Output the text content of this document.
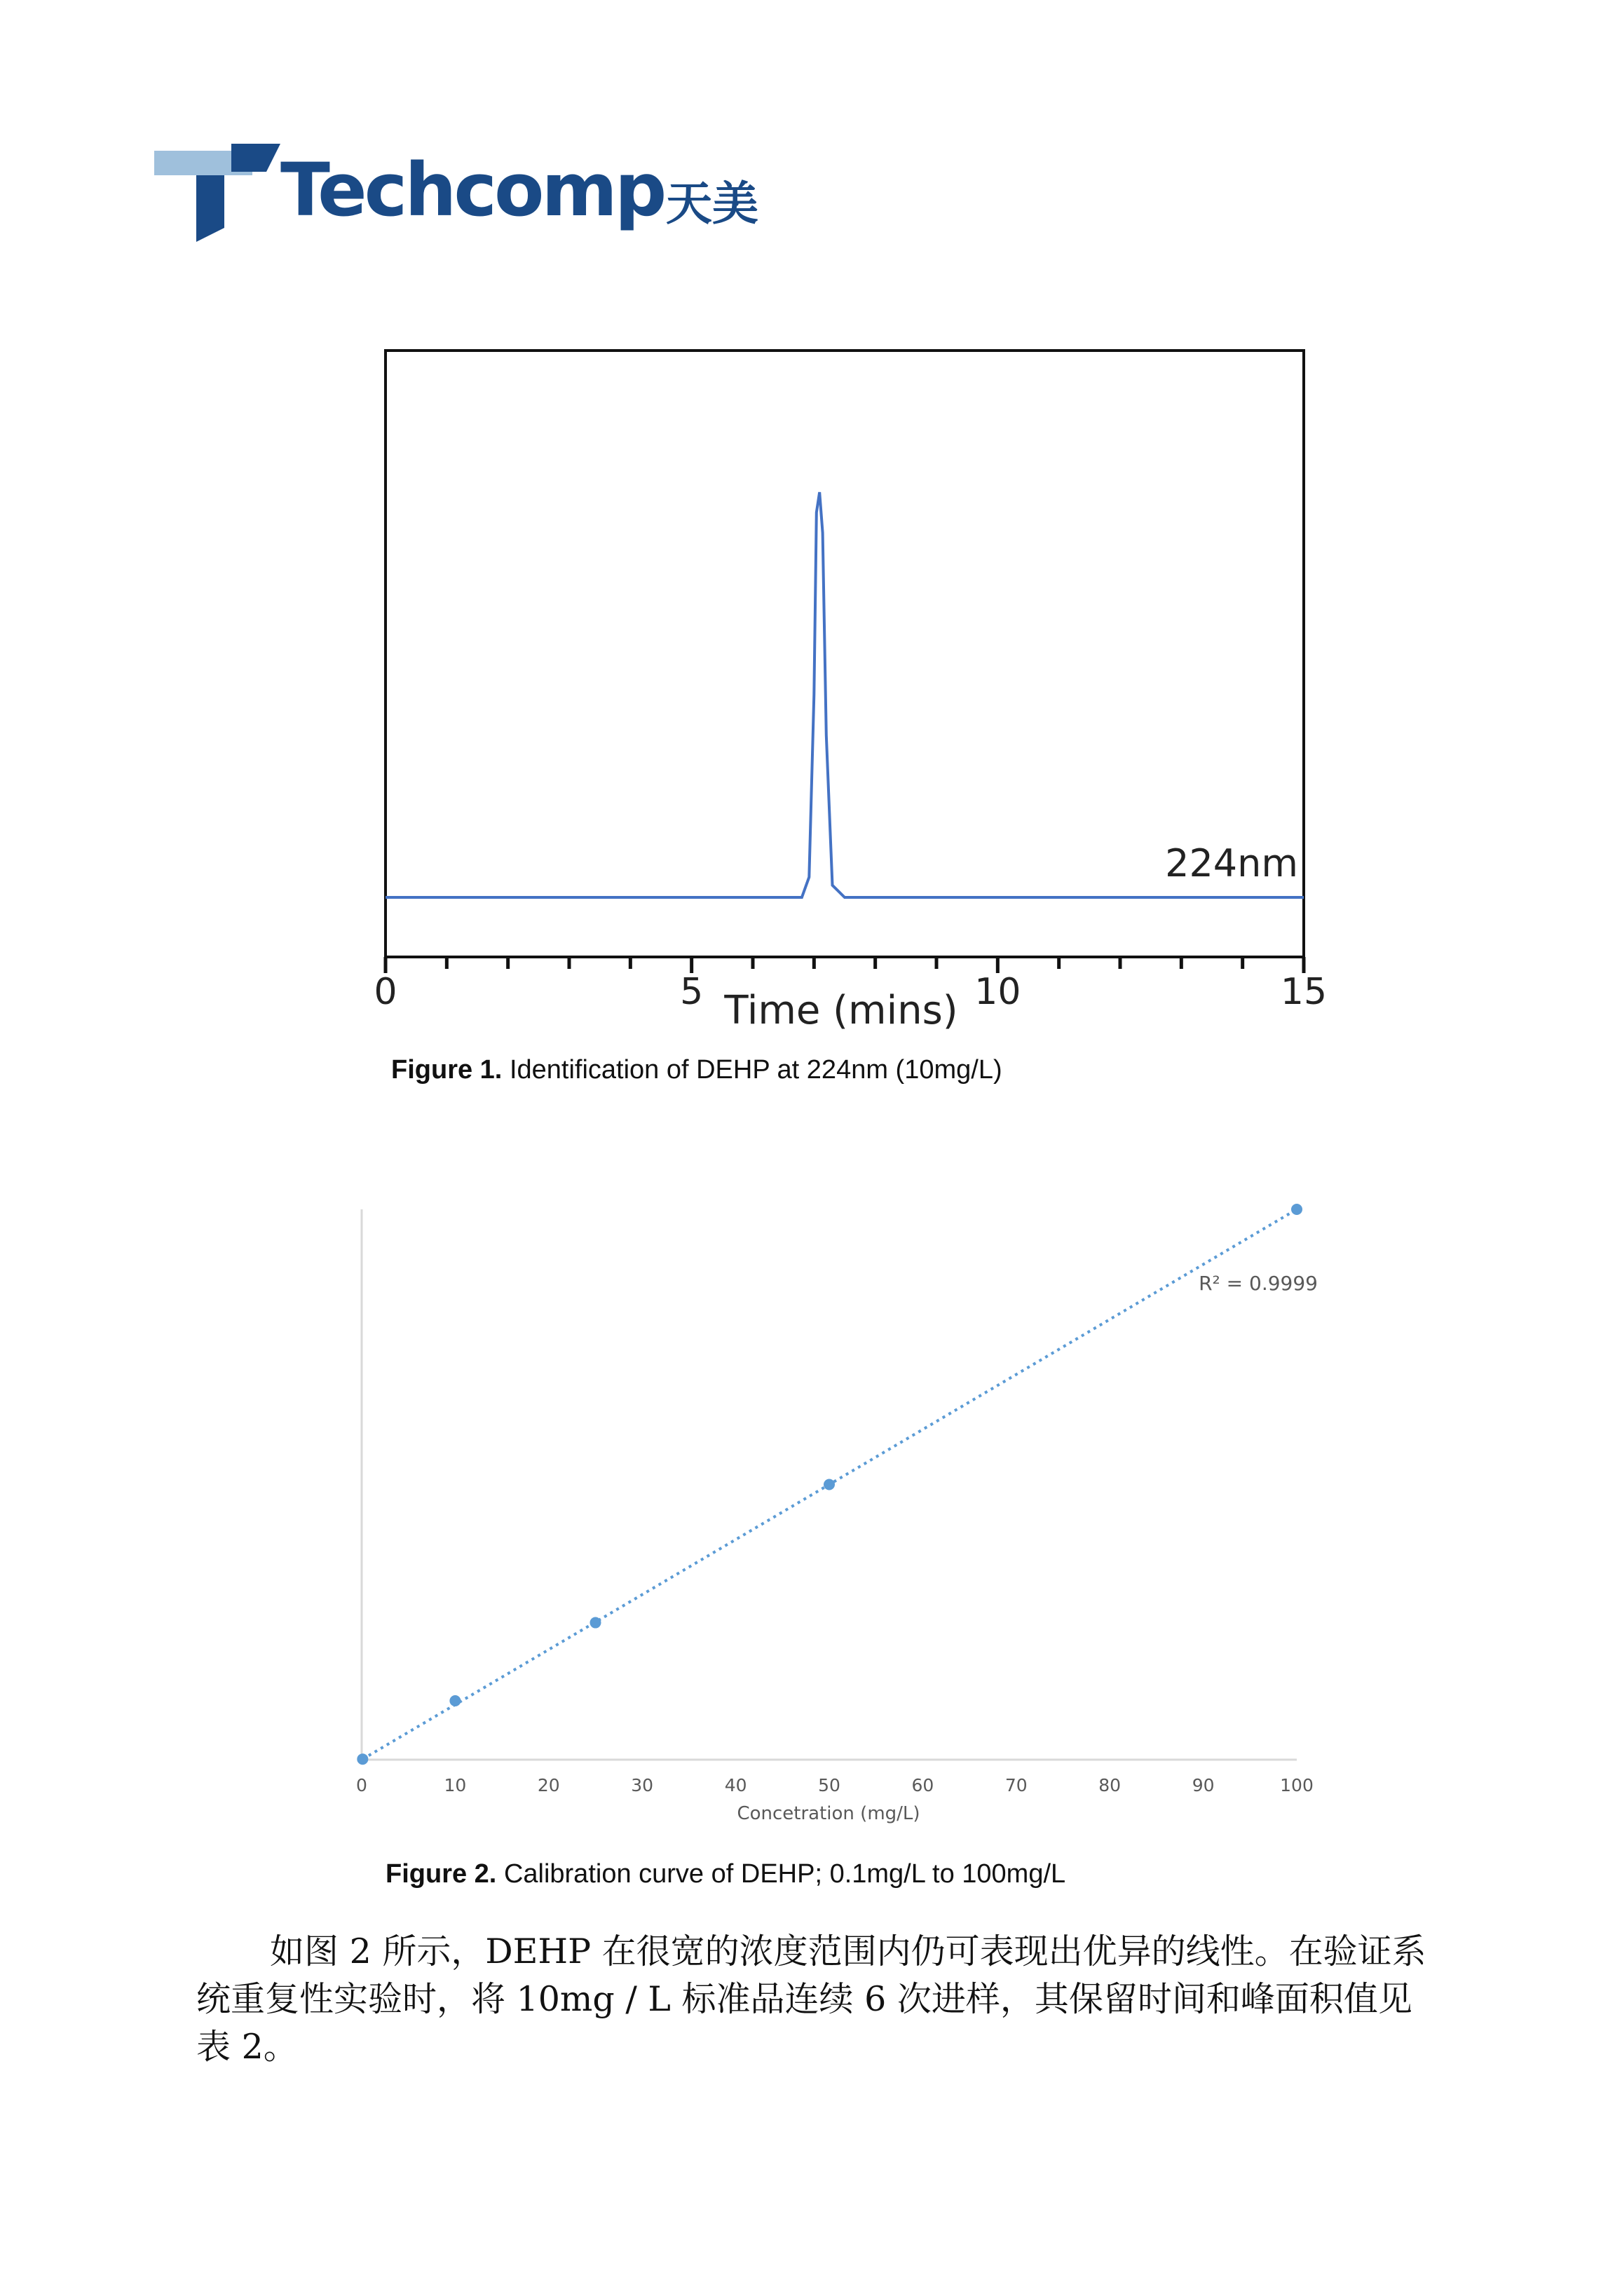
Techcomp 天美
0	5	10	15
224nm
Time (mins)
Figure 1. Identification of DEHP at 224nm (10mg/L)
0	10	20	30	40	50	60	70	80	90	100
R² = 0.9999
Concetration (mg/L)
Figure 2. Calibration curve of DEHP; 0.1mg/L to 100mg/L

如图 2 所示，DEHP 在很宽的浓度范围内仍可表现出优异的线性。在验证系统重复性实验时，将 10mg / L 标准品连续 6 次进样，其保留时间和峰面积值见表 2。
